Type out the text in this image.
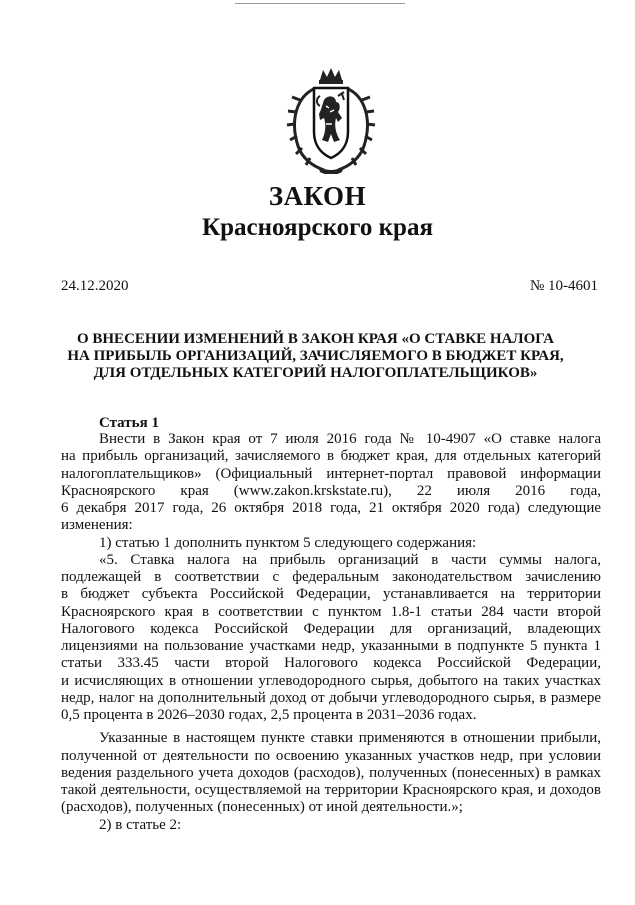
ЗАКОН
Красноярского края
24.12.2020	№ 10-4601
О ВНЕСЕНИИ ИЗМЕНЕНИЙ В ЗАКОН КРАЯ «О СТАВКЕ НАЛОГА
НА ПРИБЫЛЬ ОРГАНИЗАЦИЙ, ЗАЧИСЛЯЕМОГО В БЮДЖЕТ КРАЯ,
ДЛЯ ОТДЕЛЬНЫХ КАТЕГОРИЙ НАЛОГОПЛАТЕЛЬЩИКОВ»
Статья 1
Внести в Закон края от 7 июля 2016 года № 10-4907 «О ставке налога
на прибыль организаций, зачисляемого в бюджет края, для отдельных категорий
налогоплательщиков» (Официальный интернет-портал правовой информации
Красноярского края (www.zakon.krskstate.ru), 22 июля 2016 года,
6 декабря 2017 года, 26 октября 2018 года, 21 октября 2020 года) следующие
изменения:
1) статью 1 дополнить пунктом 5 следующего содержания:
«5. Ставка налога на прибыль организаций в части суммы налога,
подлежащей в соответствии с федеральным законодательством зачислению
в бюджет субъекта Российской Федерации, устанавливается на территории
Красноярского края в соответствии с пунктом 1.8-1 статьи 284 части второй
Налогового кодекса Российской Федерации для организаций, владеющих
лицензиями на пользование участками недр, указанными в подпункте 5 пункта 1
статьи 333.45 части второй Налогового кодекса Российской Федерации,
и исчисляющих в отношении углеводородного сырья, добытого на таких участках
недр, налог на дополнительный доход от добычи углеводородного сырья, в размере
0,5 процента в 2026–2030 годах, 2,5 процента в 2031–2036 годах.
Указанные в настоящем пункте ставки применяются в отношении прибыли,
полученной от деятельности по освоению указанных участков недр, при условии
ведения раздельного учета доходов (расходов), полученных (понесенных) в рамках
такой деятельности, осуществляемой на территории Красноярского края, и доходов
(расходов), полученных (понесенных) от иной деятельности.»;
2) в статье 2:
